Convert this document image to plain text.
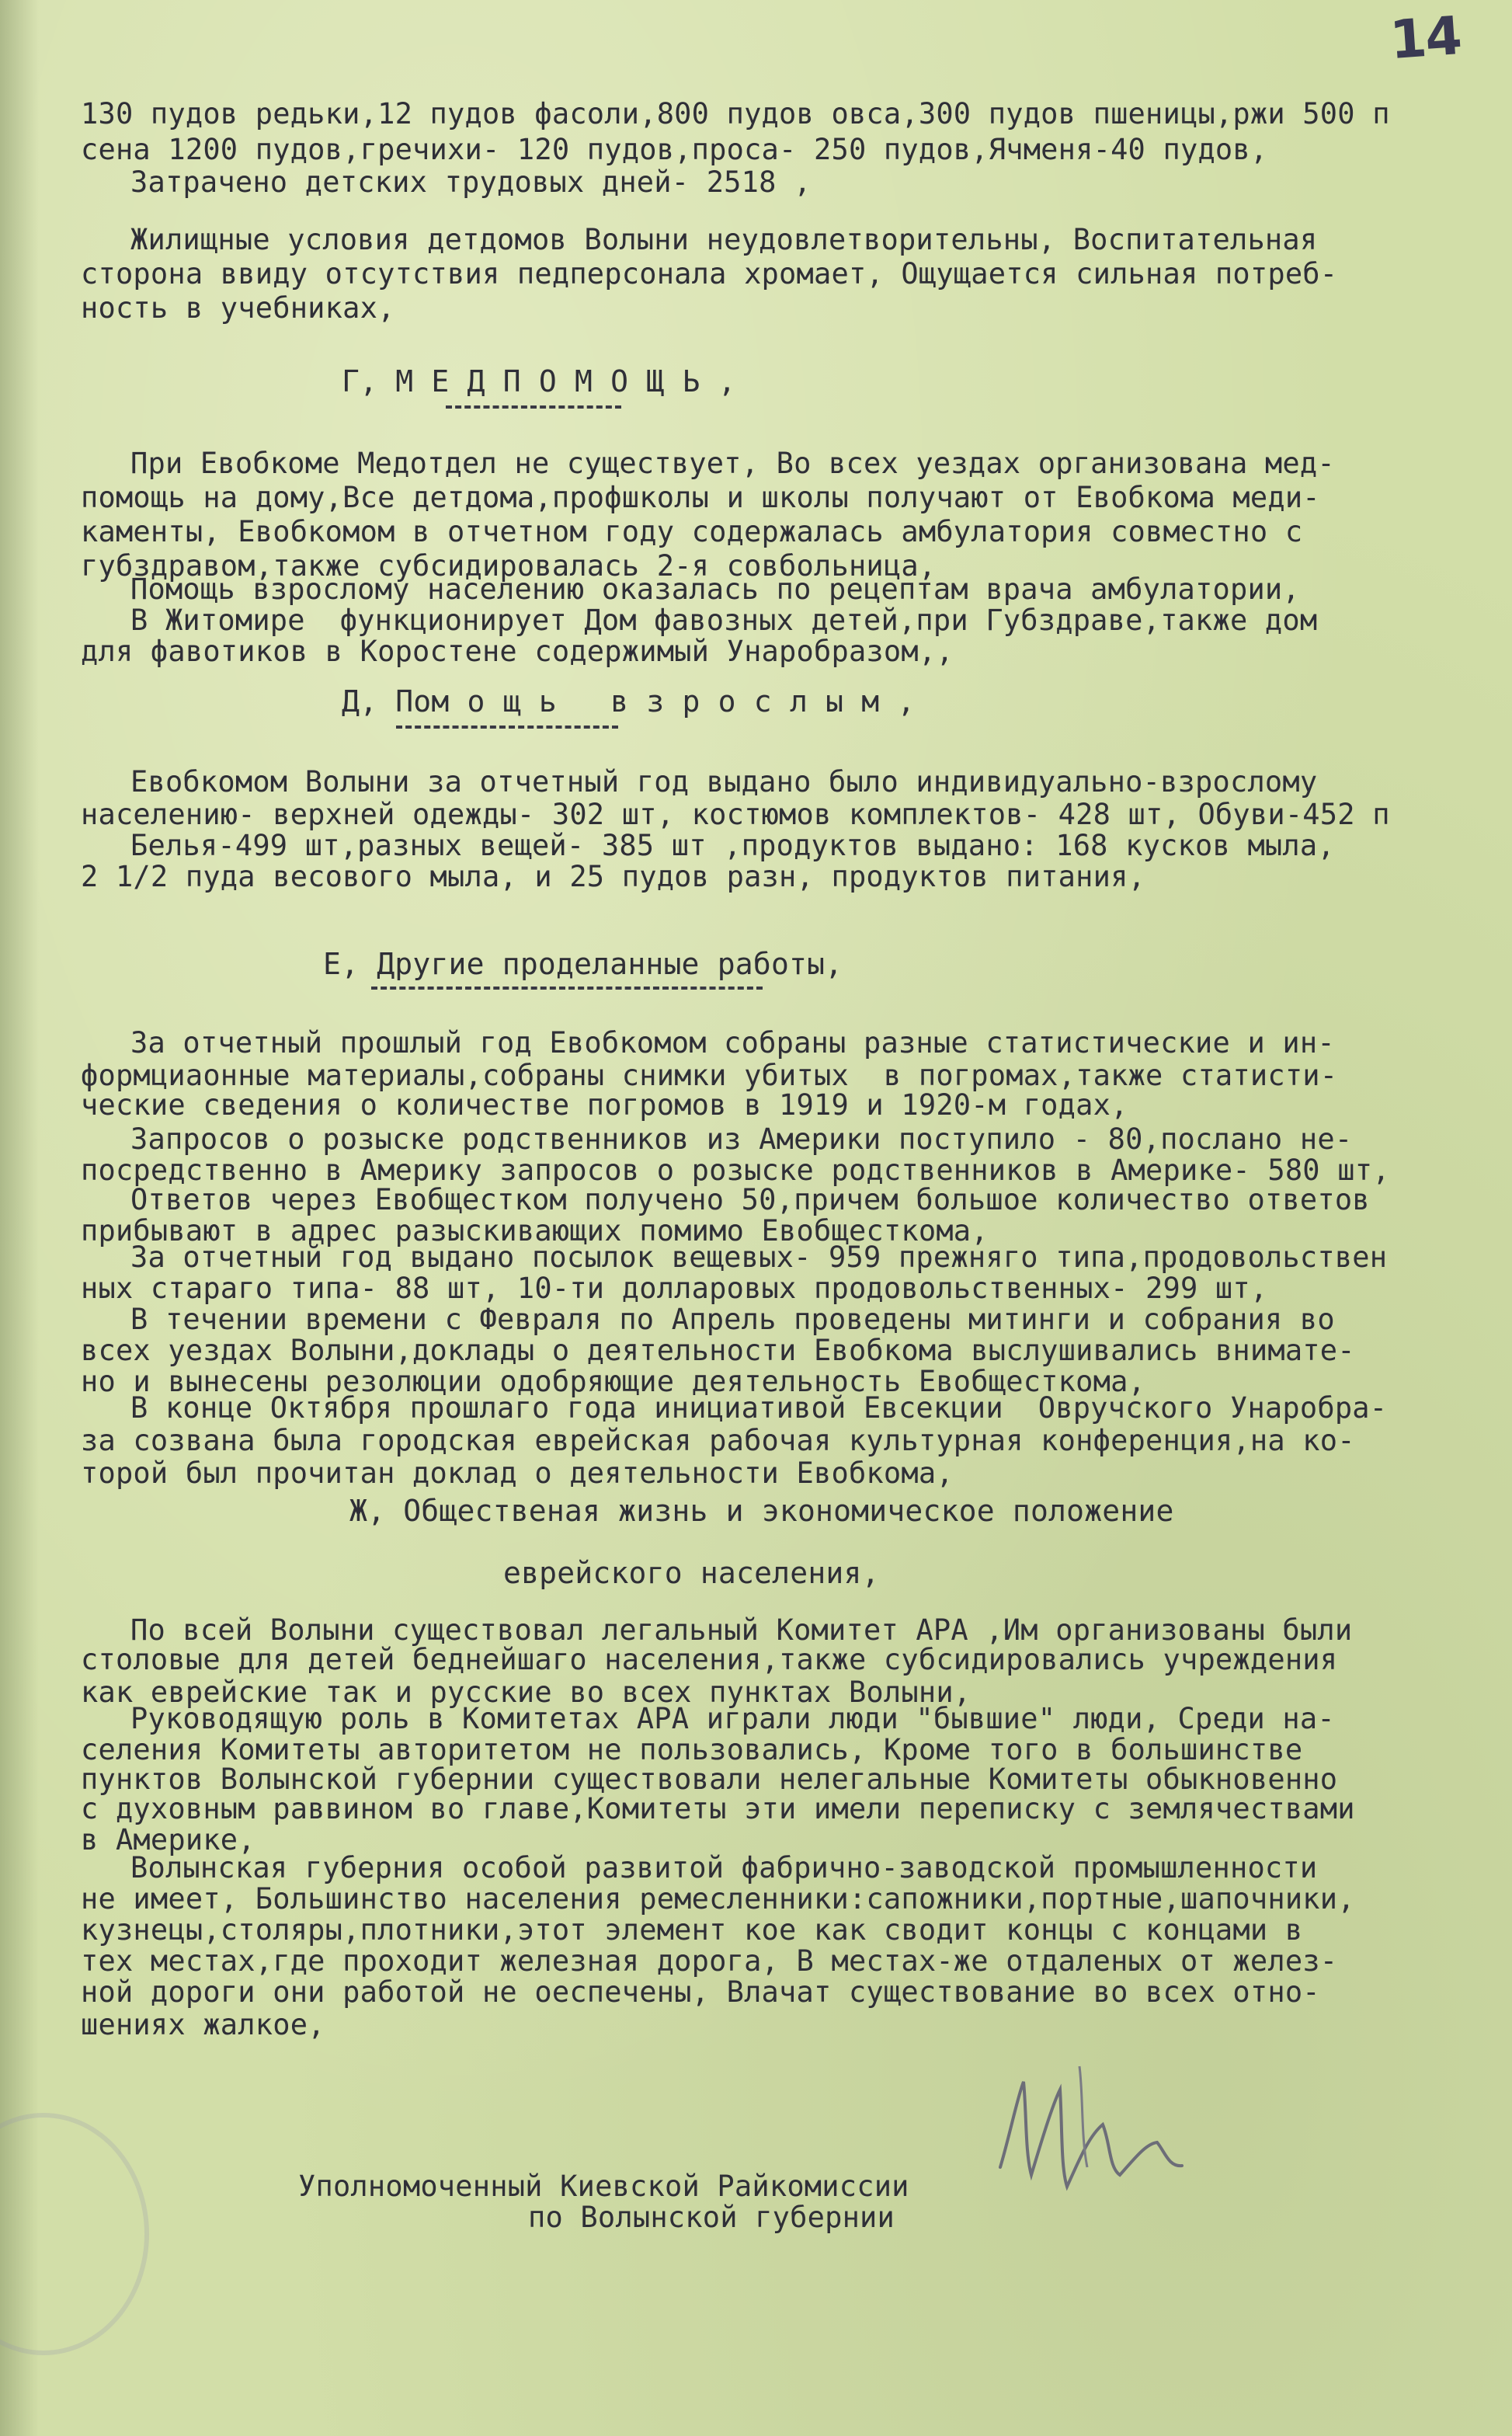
14
130 пудов редьки,12 пудов фасоли,800 пудов овса,300 пудов пшеницы,ржи 500 п
сена 1200 пудов,гречихи- 120 пудов,проса- 250 пудов,Ячменя-40 пудов,
Затрачено детских трудовых дней- 2518 ,
Жилищные условия детдомов Волыни неудовлетворительны, Воспитательная
сторона ввиду отсутствия педперсонала хромает, Ощущается сильная потреб-
ность в учебниках,
Г, М Е Д П О М О Щ Ь ,
При Евобкоме Медотдел не существует, Во всех уездах организована мед-
помощь на дому,Все детдома,профшколы и школы получают от Евобкома меди-
каменты, Евобкомом в отчетном году содержалась амбулатория совместно с
губздравом,также субсидировалась 2-я совбольница,
Помощь взрослому населению оказалась по рецептам врача амбулатории,
В Житомире  функционирует Дом фавозных детей,при Губздраве,также дом
для фавотиков в Коростене содержимый Унаробразом,,
Д, Пом о щ ь   в з р о с л ы м ,
Евобкомом Волыни за отчетный год выдано было индивидуально-взрослому
населению- верхней одежды- 302 шт, костюмов комплектов- 428 шт, Обуви-452 п
Белья-499 шт,разных вещей- 385 шт ,продуктов выдано: 168 кусков мыла,
2 1/2 пуда весового мыла, и 25 пудов разн, продуктов питания,
Е, Другие проделанные работы,
За отчетный прошлый год Евобкомом собраны разные статистические и ин-
формциаонные материалы,собраны снимки убитых  в погромах,также статисти-
ческие сведения о количестве погромов в 1919 и 1920-м годах,
Запросов о розыске родственников из Америки поступило - 80,послано не-
посредственно в Америку запросов о розыске родственников в Америке- 580 шт,
Ответов через Евобщестком получено 50,причем большое количество ответов
прибывают в адрес разыскивающих помимо Евобщесткома,
За отчетный год выдано посылок вещевых- 959 прежняго типа,продовольствен
ных стараго типа- 88 шт, 10-ти долларовых продовольственных- 299 шт,
В течении времени с Февраля по Апрель проведены митинги и собрания во
всех уездах Волыни,доклады о деятельности Евобкома выслушивались внимате-
но и вынесены резолюции одобряющие деятельность Евобщесткома,
В конце Октября прошлаго года инициативой Евсекции  Овручского Унаробра-
за созвана была городская еврейская рабочая культурная конференция,на ко-
торой был прочитан доклад о деятельности Евобкома,
Ж, Общественая жизнь и экономическое положение
еврейского населения,
По всей Волыни существовал легальный Комитет АРА ,Им организованы были
столовые для детей беднейшаго населения,также субсидировались учреждения
как еврейские так и русские во всех пунктах Волыни,
Руководящую роль в Комитетах АРА играли люди "бывшие" люди, Среди на-
селения Комитеты авторитетом не пользовались, Кроме того в большинстве
пунктов Волынской губернии существовали нелегальные Комитеты обыкновенно
с духовным раввином во главе,Комитеты эти имели переписку с землячествами
в Америке,
Волынская губерния особой развитой фабрично-заводской промышленности
не имеет, Большинство населения ремесленники:сапожники,портные,шапочники,
кузнецы,столяры,плотники,этот элемент кое как сводит концы с концами в
тех местах,где проходит железная дорога, В местах-же отдаленых от желез-
ной дороги они работой не оеспечены, Влачат существование во всех отно-
шениях жалкое,
Уполномоченный Киевской Райкомиссии
по Волынской губернии
